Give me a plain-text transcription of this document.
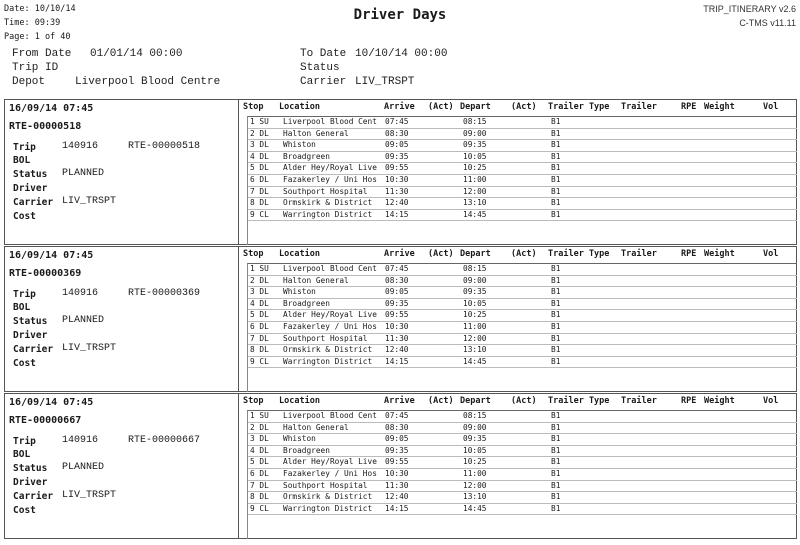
Date: 10/10/14
Time: 09:39
Page: 1 of 40
Driver Days	TRIP_ITINERARY v2.6
C-TMS v11.11
From Date 01/01/14 00:00	To Date 10/10/14 00:00
Trip ID	Status
Depot	Liverpool Blood Centre	Carrier LIV_TRSPT
16/09/14 07:45
RTE-00000518
Trip	140916	RTE-00000518
BOL
Status PLANNED
Driver
Carrier LIV_TRSPT
Cost
Stop Location	Arrive (Act) Depart (Act) Trailer Type Trailer	RPE Weight	Vol
1 SU	Liverpool Blood Cent	07:45	08:15	B1
2 DL	Halton General	08:30	09:00	B1
3 DL	Whiston	09:05	09:35	B1
4 DL	Broadgreen	09:35	10:05	B1
5 DL	Alder Hey/Royal Live	09:55	10:25	B1
6 DL	Fazakerley / Uni Hos	10:30	11:00	B1
7 DL	Southport Hospital	11:30	12:00	B1
8 DL	Ormskirk & District	12:40	13:10	B1
9 CL	Warrington District	14:15	14:45	B1
16/09/14 07:45
RTE-00000369
Trip	140916	RTE-00000369
BOL
Status PLANNED
Driver
Carrier LIV_TRSPT
Cost
Stop Location	Arrive (Act) Depart (Act) Trailer Type Trailer	RPE Weight	Vol
1 SU	Liverpool Blood Cent	07:45	08:15	B1
2 DL	Halton General	08:30	09:00	B1
3 DL	Whiston	09:05	09:35	B1
4 DL	Broadgreen	09:35	10:05	B1
5 DL	Alder Hey/Royal Live	09:55	10:25	B1
6 DL	Fazakerley / Uni Hos	10:30	11:00	B1
7 DL	Southport Hospital	11:30	12:00	B1
8 DL	Ormskirk & District	12:40	13:10	B1
9 CL	Warrington District	14:15	14:45	B1
16/09/14 07:45
RTE-00000667
Trip	140916	RTE-00000667
BOL
Status PLANNED
Driver
Carrier LIV_TRSPT
Cost
Stop Location	Arrive (Act) Depart (Act) Trailer Type Trailer	RPE Weight	Vol
1 SU	Liverpool Blood Cent	07:45	08:15	B1
2 DL	Halton General	08:30	09:00	B1
3 DL	Whiston	09:05	09:35	B1
4 DL	Broadgreen	09:35	10:05	B1
5 DL	Alder Hey/Royal Live	09:55	10:25	B1
6 DL	Fazakerley / Uni Hos	10:30	11:00	B1
7 DL	Southport Hospital	11:30	12:00	B1
8 DL	Ormskirk & District	12:40	13:10	B1
9 CL	Warrington District	14:15	14:45	B1
